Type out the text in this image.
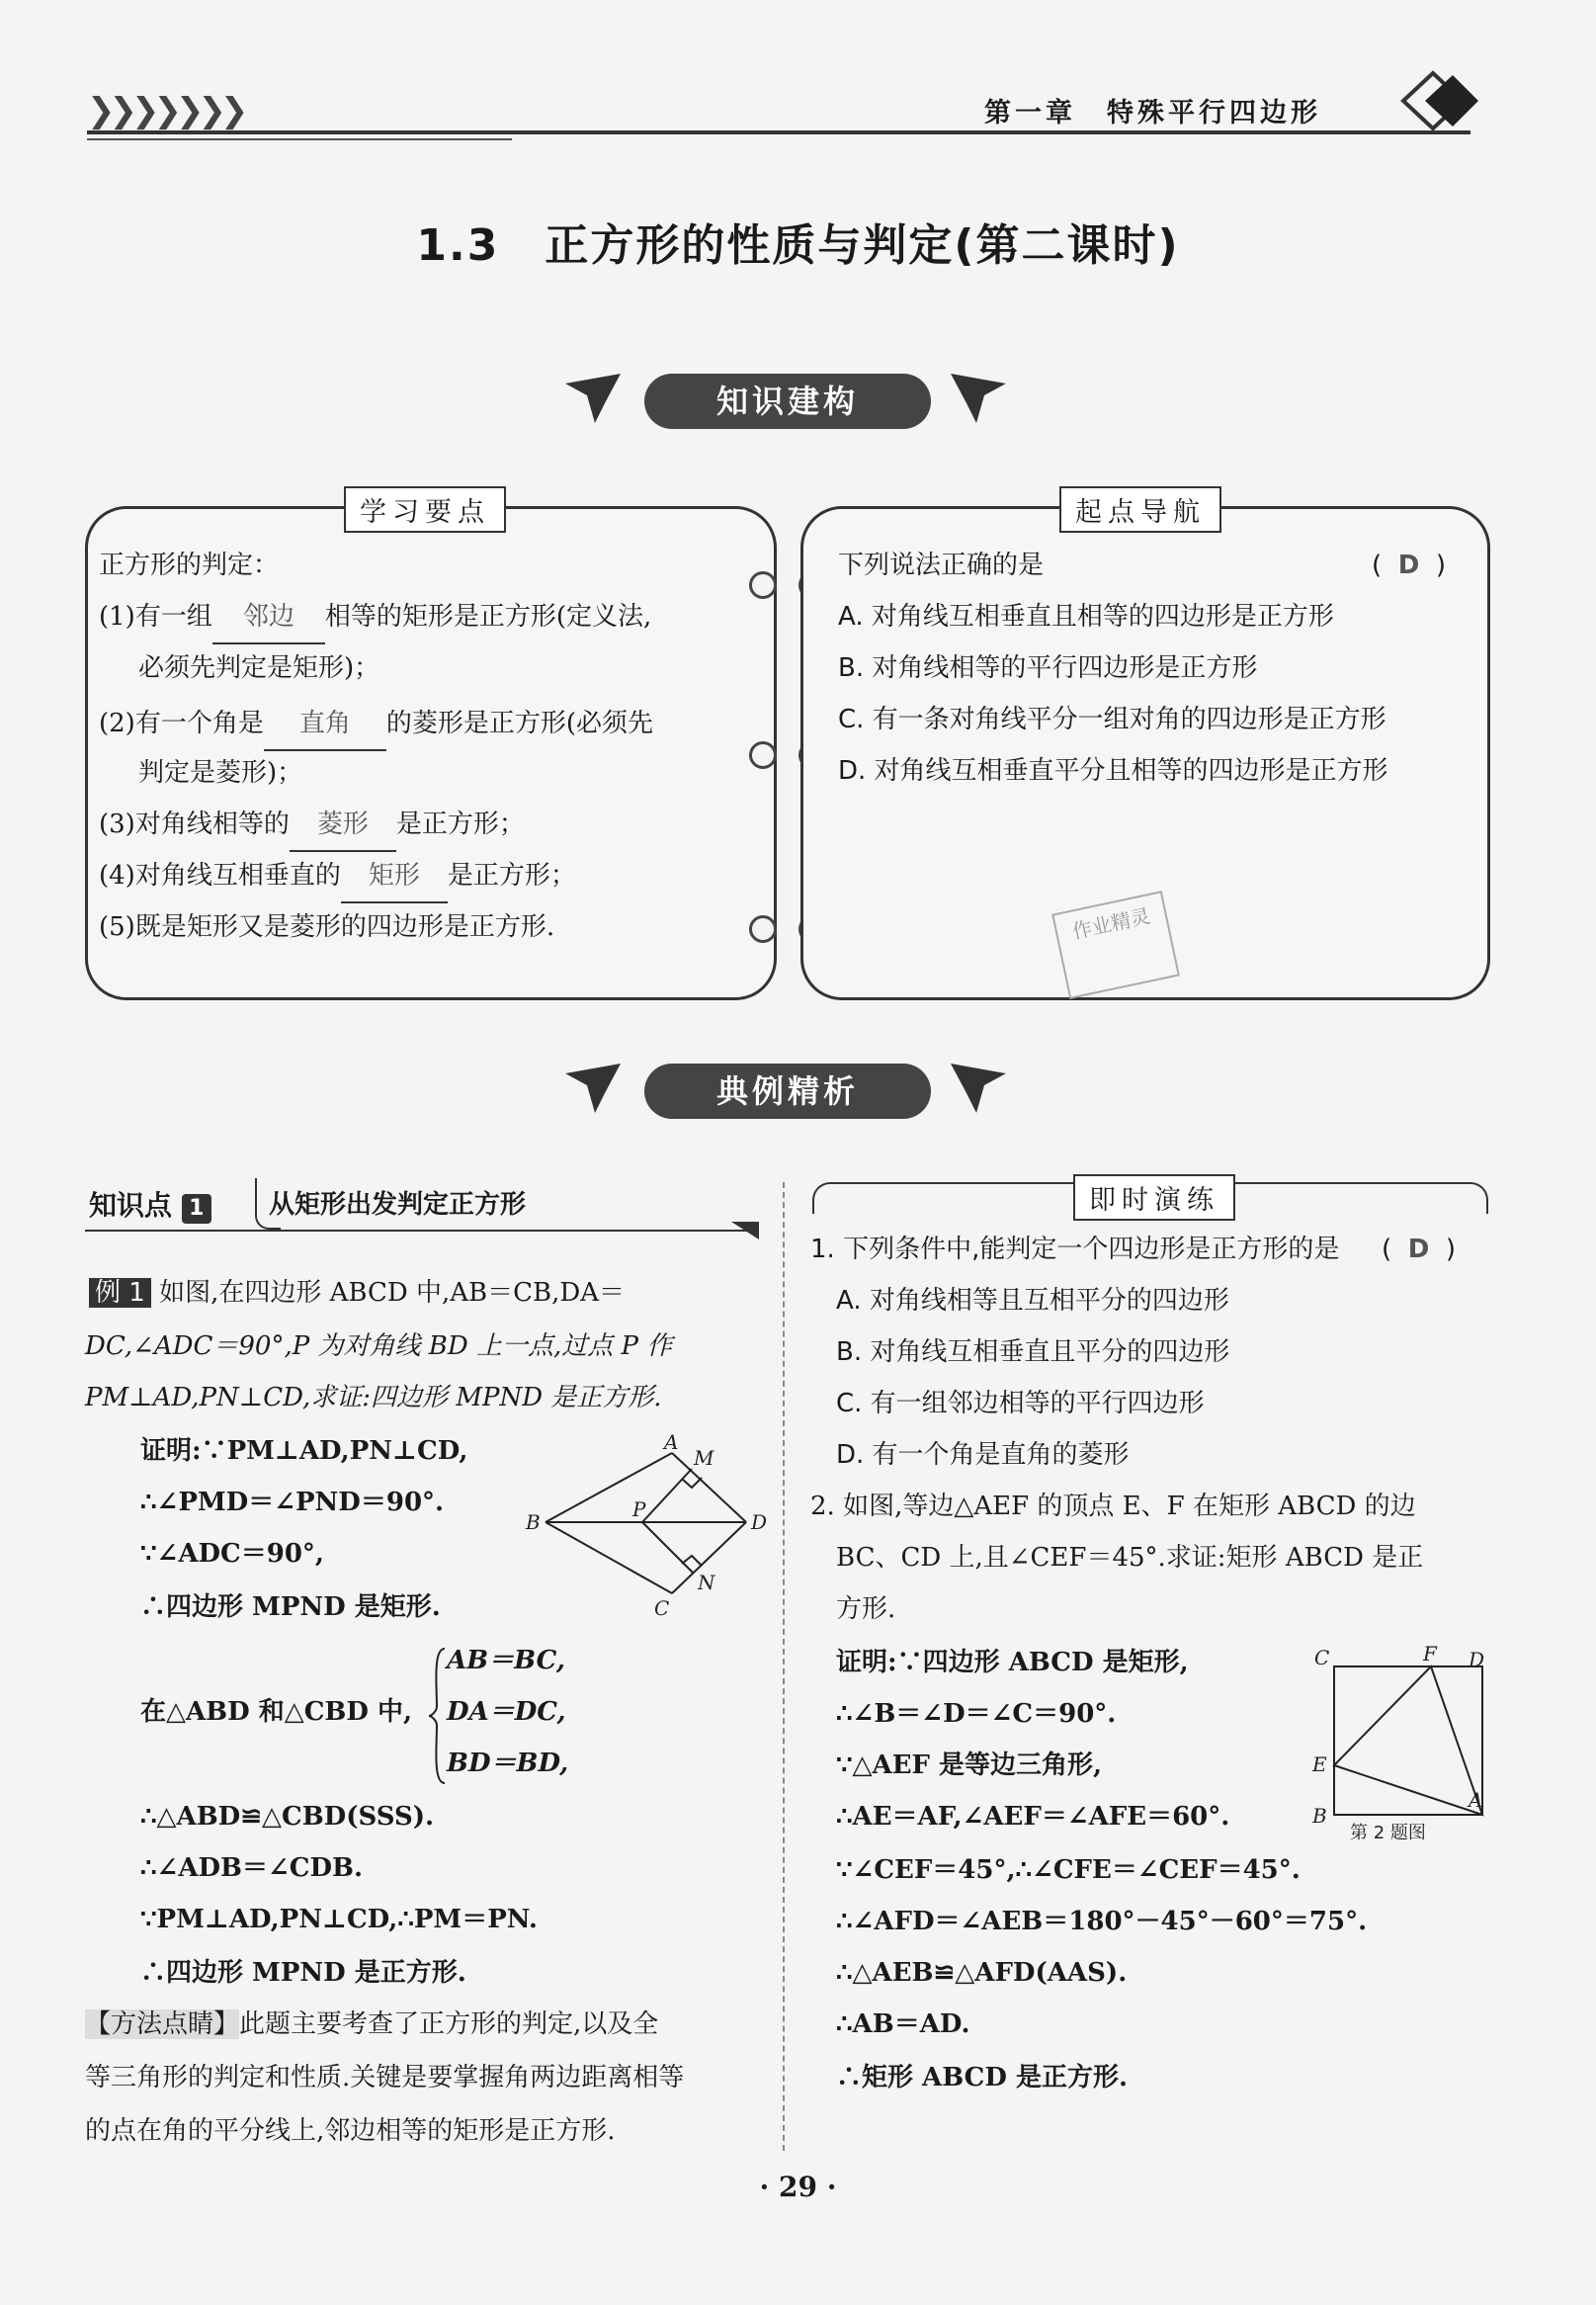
❯❯❯❯❯❯❯	第一章　特殊平行四边形
1.3　正方形的性质与判定(第二课时)
知识建构
学习要点
正方形的判定：
(1)有一组 邻边 相等的矩形是正方形(定义法,
必须先判定是矩形)；
(2)有一个角是 直角 的菱形是正方形(必须先
判定是菱形)；
(3)对角线相等的 菱形 是正方形；
(4)对角线互相垂直的 矩形 是正方形；
(5)既是矩形又是菱形的四边形是正方形.
起点导航
下列说法正确的是	( D )
A. 对角线互相垂直且相等的四边形是正方形
B. 对角线相等的平行四边形是正方形
C. 有一条对角线平分一组对角的四边形是正方形
D. 对角线互相垂直平分且相等的四边形是正方形
作业精灵
典例精析
知识点 1	从矩形出发判定正方形
例 1 如图,在四边形 ABCD 中,AB＝CB,DA＝
DC,∠ADC＝90°,P 为对角线 BD 上一点,过点 P 作
PM⊥AD,PN⊥CD,求证:四边形 MPND 是正方形.
证明:∵PM⊥AD,PN⊥CD,
∴∠PMD＝∠PND＝90°.
∵∠ADC＝90°,
∴四边形 MPND 是矩形.
A
M
B
P
D
N
C
在△ABD 和△CBD 中,
AB＝BC,
DA＝DC,
BD＝BD,
∴△ABD≌△CBD(SSS).
∴∠ADB＝∠CDB.
∵PM⊥AD,PN⊥CD,∴PM＝PN.
∴四边形 MPND 是正方形.
【方法点睛】此题主要考查了正方形的判定,以及全
等三角形的判定和性质.关键是要掌握角两边距离相等
的点在角的平分线上,邻边相等的矩形是正方形.
即时演练
1. 下列条件中,能判定一个四边形是正方形的是 ( D )
A. 对角线相等且互相平分的四边形
B. 对角线互相垂直且平分的四边形
C. 有一组邻边相等的平行四边形
D. 有一个角是直角的菱形
2. 如图,等边△AEF 的顶点 E、F 在矩形 ABCD 的边
BC、CD 上,且∠CEF＝45°.求证:矩形 ABCD 是正
方形.
证明:∵四边形 ABCD 是矩形,
∴∠B＝∠D＝∠C＝90°.
∵△AEF 是等边三角形,
∴AE＝AF,∠AEF＝∠AFE＝60°.
∵∠CEF＝45°,∴∠CFE＝∠CEF＝45°.
∴∠AFD＝∠AEB＝180°－45°－60°＝75°.
∴△AEB≌△AFD(AAS).
∴AB＝AD.
∴矩形 ABCD 是正方形.
C	F D
E
B
A
第 2 题图
· 29 ·
